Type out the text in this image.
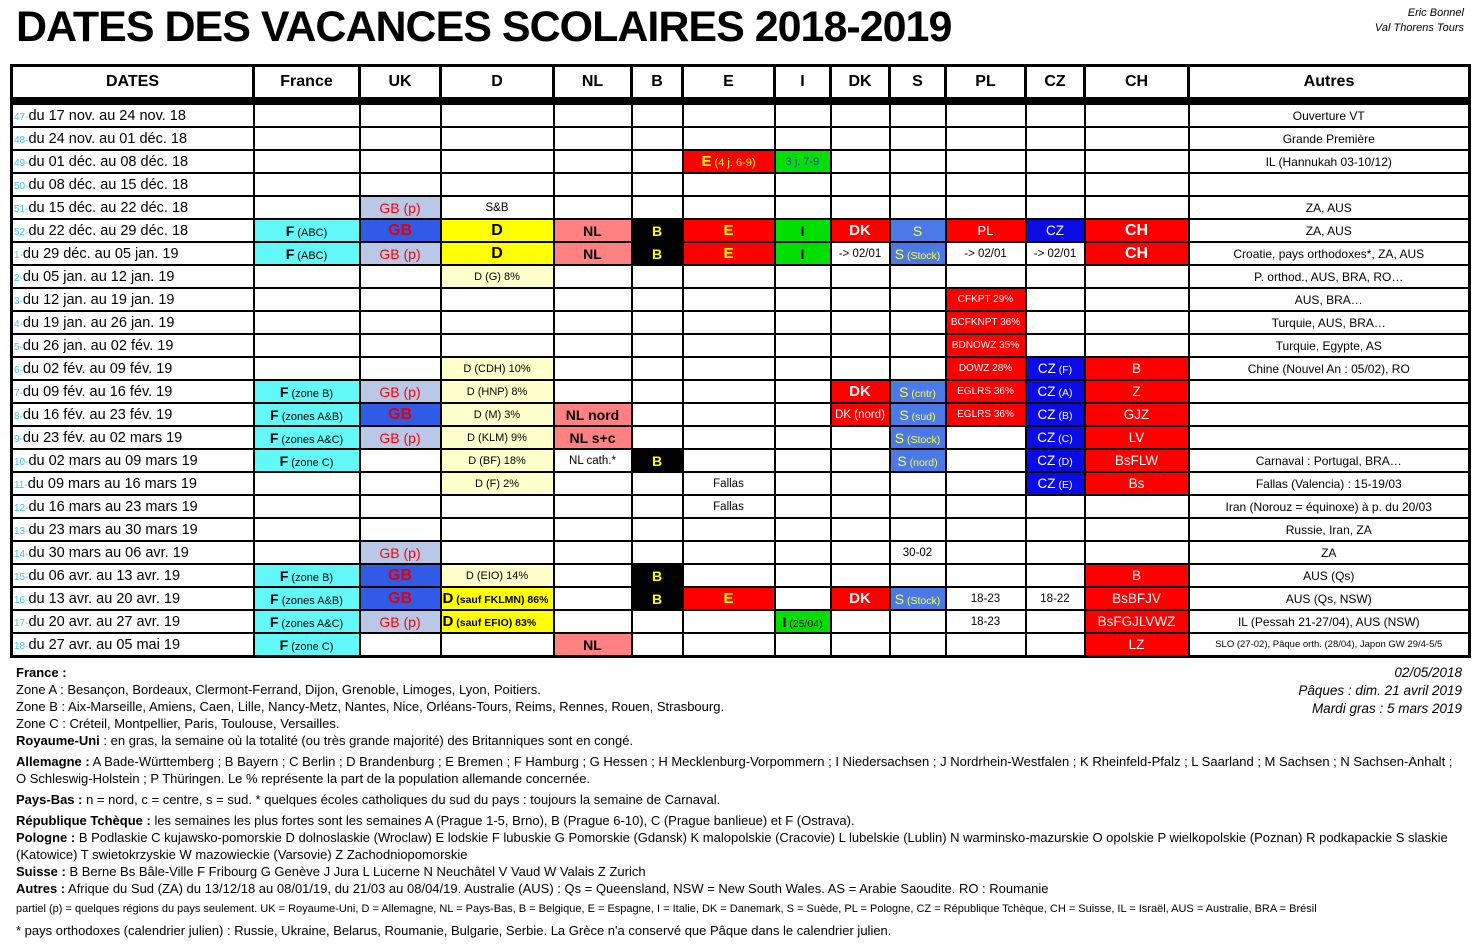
DATES DES VACANCES SCOLAIRES 2018-2019	Eric Bonnel
Val Thorens Tours
DATES	France	UK	D	NL	B	E	I	DK	S	PL	CZ	CH	Autres
47-du 17 nov. au 24 nov. 18													Ouverture VT
48-du 24 nov. au 01 déc. 18													Grande Première
49-du 01 déc. au 08 déc. 18						E (4 j. 6-9)	3 j. 7-9						IL (Hannukah 03-10/12)
50-du 08 déc. au 15 déc. 18													
51-du 15 déc. au 22 déc. 18		GB (p)	S&B										ZA, AUS
52-du 22 déc. au 29 déc. 18	F (ABC)	GB	D	NL	B	E	I	DK	S	PL	CZ	CH	ZA, AUS
1-du 29 déc. au 05 jan. 19	F (ABC)	GB (p)	D	NL	B	E	I	-> 02/01	S (Stock)	-> 02/01	-> 02/01	CH	Croatie, pays orthodoxes*, ZA, AUS
2-du 05 jan. au 12 jan. 19			D (G) 8%										P. orthod., AUS, BRA, RO…
3-du 12 jan. au 19 jan. 19										CFKPT 29%			AUS, BRA…
4-du 19 jan. au 26 jan. 19										BCFKNPT 36%			Turquie, AUS, BRA…
5-du 26 jan. au 02 fév. 19										BDNOWZ 35%			Turquie, Egypte, AS
6-du 02 fév. au 09 fév. 19			D (CDH) 10%							DOWZ 28%	CZ (F)	B	Chine (Nouvel An : 05/02), RO
7-du 09 fév. au 16 fév. 19	F (zone B)	GB (p)	D (HNP) 8%					DK	S (cntr)	EGLRS 36%	CZ (A)	Z	
8-du 16 fév. au 23 fév. 19	F (zones A&B)	GB	D (M) 3%	NL nord				DK (nord)	S (sud)	EGLRS 36%	CZ (B)	GJZ	
9-du 23 fév. au 02 mars 19	F (zones A&C)	GB (p)	D (KLM) 9%	NL s+c					S (Stock)		CZ (C)	LV	
10-du 02 mars au 09 mars 19	F (zone C)		D (BF) 18%	NL cath.*	B				S (nord)		CZ (D)	BsFLW	Carnaval : Portugal, BRA…
11-du 09 mars au 16 mars 19			D (F) 2%			Fallas					CZ (E)	Bs	Fallas (Valencia) : 15-19/03
12-du 16 mars au 23 mars 19						Fallas							Iran (Norouz = équinoxe) à p. du 20/03
13-du 23 mars au 30 mars 19													Russie, Iran, ZA
14-du 30 mars au 06 avr. 19		GB (p)							30-02				ZA
15-du 06 avr. au 13 avr. 19	F (zone B)	GB	D (EIO) 14%		B							B	AUS (Qs)
16-du 13 avr. au 20 avr. 19	F (zones A&B)	GB	D (sauf FKLMN) 86%		B	E		DK	S (Stock)	18-23	18-22	BsBFJV	AUS (Qs, NSW)
17-du 20 avr. au 27 avr. 19	F (zones A&C)	GB (p)	D (sauf EFIO) 83%				I (25/04)			18-23		BsFGJLVWZ	IL (Pessah 21-27/04), AUS (NSW)
18-du 27 avr. au 05 mai 19	F (zone C)			NL								LZ	SLO (27-02), Pâque orth. (28/04), Japon GW 29/4-5/5
France :
Zone A : Besançon, Bordeaux, Clermont-Ferrand, Dijon, Grenoble, Limoges, Lyon, Poitiers.
Zone B : Aix-Marseille, Amiens, Caen, Lille, Nancy-Metz, Nantes, Nice, Orléans-Tours, Reims, Rennes, Rouen, Strasbourg.
Zone C : Créteil, Montpellier, Paris, Toulouse, Versailles.
Royaume-Uni : en gras, la semaine où la totalité (ou très grande majorité) des Britanniques sont en congé.
Allemagne : A Bade-Württemberg ; B Bayern ; C Berlin ; D Brandenburg ; E Bremen ; F Hamburg ; G Hessen ; H Mecklenburg-Vorpommern ; I Niedersachsen ; J Nordrhein-Westfalen ; K Rheinfeld-Pfalz ; L Saarland ; M Sachsen ; N Sachsen-Anhalt ; O Schleswig-Holstein ; P Thüringen. Le % représente la part de la population allemande concernée.
Pays-Bas : n = nord, c = centre, s = sud. * quelques écoles catholiques du sud du pays : toujours la semaine de Carnaval.
République Tchèque : les semaines les plus fortes sont les semaines A (Prague 1-5, Brno), B (Prague 6-10), C (Prague banlieue) et F (Ostrava).
Pologne : B Podlaskie C kujawsko-pomorskie D dolnoslaskie (Wroclaw) E lodskie F lubuskie G Pomorskie (Gdansk) K malopolskie (Cracovie) L lubelskie (Lublin) N warminsko-mazurskie O opolskie P wielkopolskie (Poznan) R podkapackie S slaskie (Katowice) T swietokrzyskie W mazowieckie (Varsovie) Z Zachodniopomorskie
Suisse : B Berne Bs Bâle-Ville F Fribourg G Genève J Jura L Lucerne N Neuchâtel V Vaud W Valais Z Zurich
Autres : Afrique du Sud (ZA) du 13/12/18 au 08/01/19, du 21/03 au 08/04/19. Australie (AUS) : Qs = Queensland, NSW = New South Wales. AS = Arabie Saoudite. RO : Roumanie
partiel (p) = quelques régions du pays seulement. UK = Royaume-Uni, D = Allemagne, NL = Pays-Bas, B = Belgique, E = Espagne, I = Italie, DK = Danemark, S = Suède, PL = Pologne, CZ = République Tchèque, CH = Suisse, IL = Israël, AUS = Australie, BRA = Brésil
* pays orthodoxes (calendrier julien) : Russie, Ukraine, Belarus, Roumanie, Bulgarie, Serbie. La Grèce n'a conservé que Pâque dans le calendrier julien.
02/05/2018
Pâques : dim. 21 avril 2019
Mardi gras : 5 mars 2019
